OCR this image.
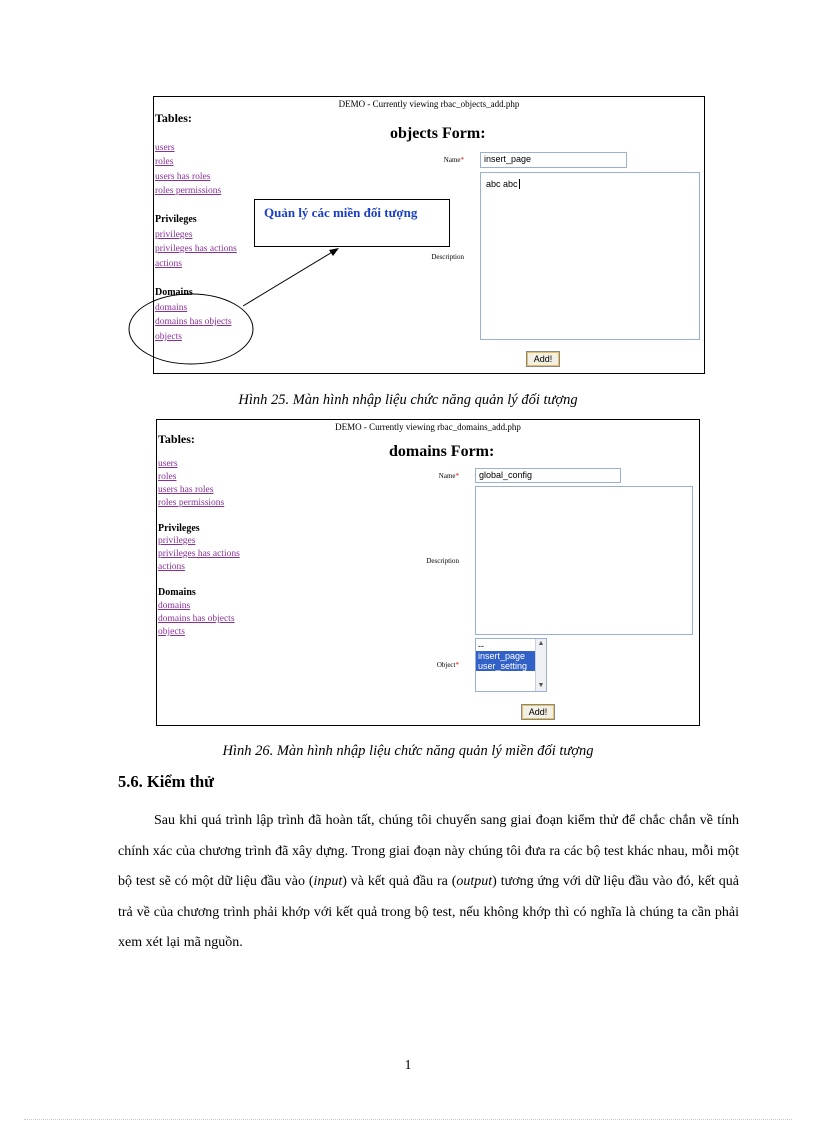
DEMO - Currently viewing rbac_objects_add.php
Tables:
users
roles
users has roles
roles permissions
Privileges
privileges
privileges has actions
actions
Domains
domains
domains has objects
objects
objects Form:
Name*	insert_page
abc abc
Description
Add!
Quản lý các miền đối tượng
Hình 25. Màn hình nhập liệu chức năng quản lý đối tượng
DEMO - Currently viewing rbac_domains_add.php
Tables:
users
roles
users has roles
roles permissions
Privileges
privileges
privileges has actions
actions
Domains
domains
domains has objects
objects
domains Form:
Name*	global_config
Description
Object*
--
insert_page
user_setting
▲
▼
Add!
Hình 26. Màn hình nhập liệu chức năng quản lý miền đối tượng
5.6. Kiểm thử
Sau khi quá trình lập trình đã hoàn tất, chúng tôi chuyển sang giai đoạn kiểm thử để chắc chắn về tính chính xác của chương trình đã xây dựng. Trong giai đoạn này chúng tôi đưa ra các bộ test khác nhau, mỗi một bộ test sẽ có một dữ liệu đầu vào (input) và kết quả đầu ra (output) tương ứng với dữ liệu đầu vào đó, kết quả trả về của chương trình phải khớp với kết quả trong bộ test, nếu không khớp thì có nghĩa là chúng ta cần phải xem xét lại mã nguồn.
1
